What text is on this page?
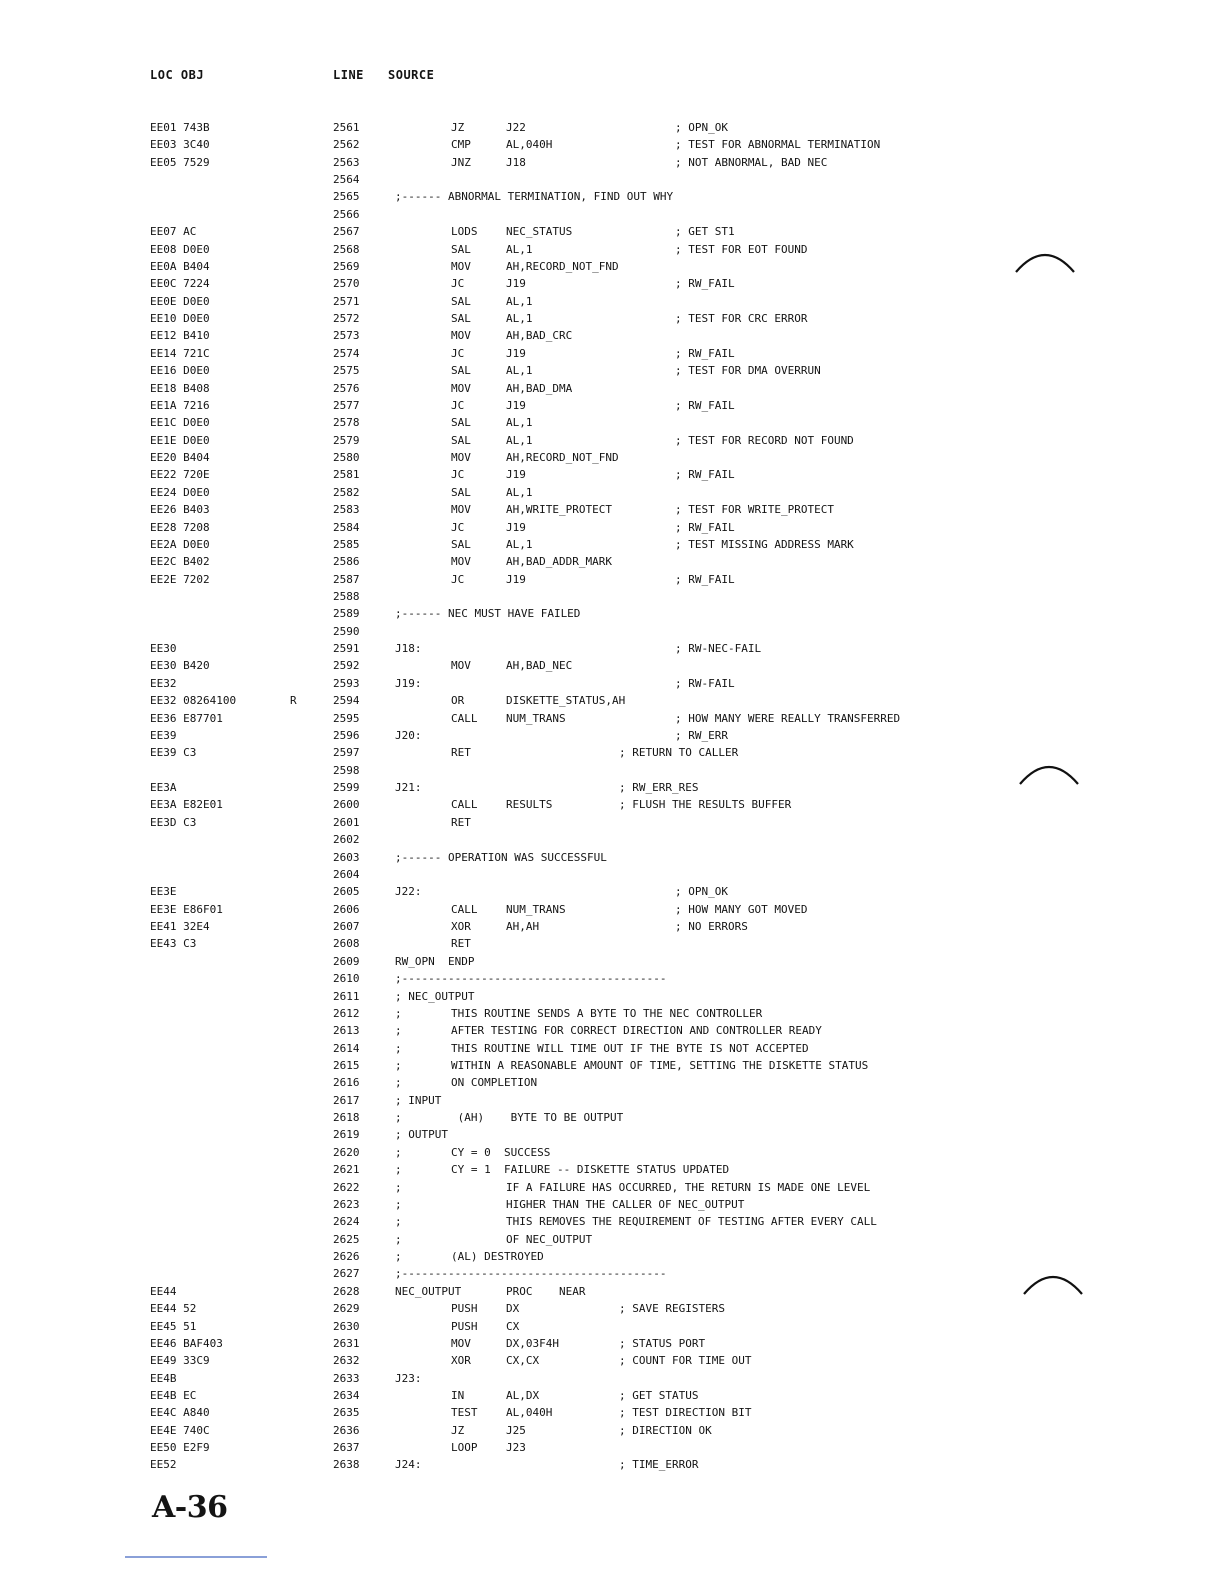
LOC OBJ	LINE SOURCE
EE01 743B	2561	JZ	J22	; OPN_OK
EE03 3C40	2562	CMP	AL,040H	; TEST FOR ABNORMAL TERMINATION
EE05 7529	2563	JNZ	J18	; NOT ABNORMAL, BAD NEC
2564
2565	;------ ABNORMAL TERMINATION, FIND OUT WHY
2566
EE07 AC	2567	LODS	NEC_STATUS	; GET ST1
EE08 D0E0	2568	SAL	AL,1	; TEST FOR EOT FOUND
EE0A B404	2569	MOV	AH,RECORD_NOT_FND
EE0C 7224	2570	JC	J19	; RW_FAIL
EE0E D0E0	2571	SAL	AL,1
EE10 D0E0	2572	SAL	AL,1	; TEST FOR CRC ERROR
EE12 B410	2573	MOV	AH,BAD_CRC
EE14 721C	2574	JC	J19	; RW_FAIL
EE16 D0E0	2575	SAL	AL,1	; TEST FOR DMA OVERRUN
EE18 B408	2576	MOV	AH,BAD_DMA
EE1A 7216	2577	JC	J19	; RW_FAIL
EE1C D0E0	2578	SAL	AL,1
EE1E D0E0	2579	SAL	AL,1	; TEST FOR RECORD NOT FOUND
EE20 B404	2580	MOV	AH,RECORD_NOT_FND
EE22 720E	2581	JC	J19	; RW_FAIL
EE24 D0E0	2582	SAL	AL,1
EE26 B403	2583	MOV	AH,WRITE_PROTECT	; TEST FOR WRITE_PROTECT
EE28 7208	2584	JC	J19	; RW_FAIL
EE2A D0E0	2585	SAL	AL,1	; TEST MISSING ADDRESS MARK
EE2C B402	2586	MOV	AH,BAD_ADDR_MARK
EE2E 7202	2587	JC	J19	; RW_FAIL
2588
2589	;------ NEC MUST HAVE FAILED
2590
EE30	2591	J18:	; RW-NEC-FAIL
EE30 B420	2592	MOV	AH,BAD_NEC
EE32	2593	J19:	; RW-FAIL
EE32 08264100	R	2594	OR	DISKETTE_STATUS,AH
EE36 E87701	2595	CALL	NUM_TRANS	; HOW MANY WERE REALLY TRANSFERRED
EE39	2596	J20:	; RW_ERR
EE39 C3	2597	RET	; RETURN TO CALLER
2598
EE3A	2599	J21:	; RW_ERR_RES
EE3A E82E01	2600	CALL	RESULTS	; FLUSH THE RESULTS BUFFER
EE3D C3	2601	RET
2602
2603	;------ OPERATION WAS SUCCESSFUL
2604
EE3E	2605	J22:	; OPN_OK
EE3E E86F01	2606	CALL	NUM_TRANS	; HOW MANY GOT MOVED
EE41 32E4	2607	XOR	AH,AH	; NO ERRORS
EE43 C3	2608	RET
2609	RW_OPN  ENDP
2610	;----------------------------------------
2611	; NEC_OUTPUT
2612	;	THIS ROUTINE SENDS A BYTE TO THE NEC CONTROLLER
2613	;	AFTER TESTING FOR CORRECT DIRECTION AND CONTROLLER READY
2614	;	THIS ROUTINE WILL TIME OUT IF THE BYTE IS NOT ACCEPTED
2615	;	WITHIN A REASONABLE AMOUNT OF TIME, SETTING THE DISKETTE STATUS
2616	;	ON COMPLETION
2617	; INPUT
2618	;	(AH)    BYTE TO BE OUTPUT
2619	; OUTPUT
2620	;	CY = 0  SUCCESS
2621	;	CY = 1  FAILURE -- DISKETTE STATUS UPDATED
2622	;	IF A FAILURE HAS OCCURRED, THE RETURN IS MADE ONE LEVEL
2623	;	HIGHER THAN THE CALLER OF NEC_OUTPUT
2624	;	THIS REMOVES THE REQUIREMENT OF TESTING AFTER EVERY CALL
2625	;	OF NEC_OUTPUT
2626	;	(AL) DESTROYED
2627	;----------------------------------------
EE44	2628	NEC_OUTPUT	PROC    NEAR
EE44 52	2629	PUSH	DX	; SAVE REGISTERS
EE45 51	2630	PUSH	CX
EE46 BAF403	2631	MOV	DX,03F4H	; STATUS PORT
EE49 33C9	2632	XOR	CX,CX	; COUNT FOR TIME OUT
EE4B	2633	J23:
EE4B EC	2634	IN	AL,DX	; GET STATUS
EE4C A840	2635	TEST	AL,040H	; TEST DIRECTION BIT
EE4E 740C	2636	JZ	J25	; DIRECTION OK
EE50 E2F9	2637	LOOP	J23
EE52	2638	J24:	; TIME_ERROR
A-36
